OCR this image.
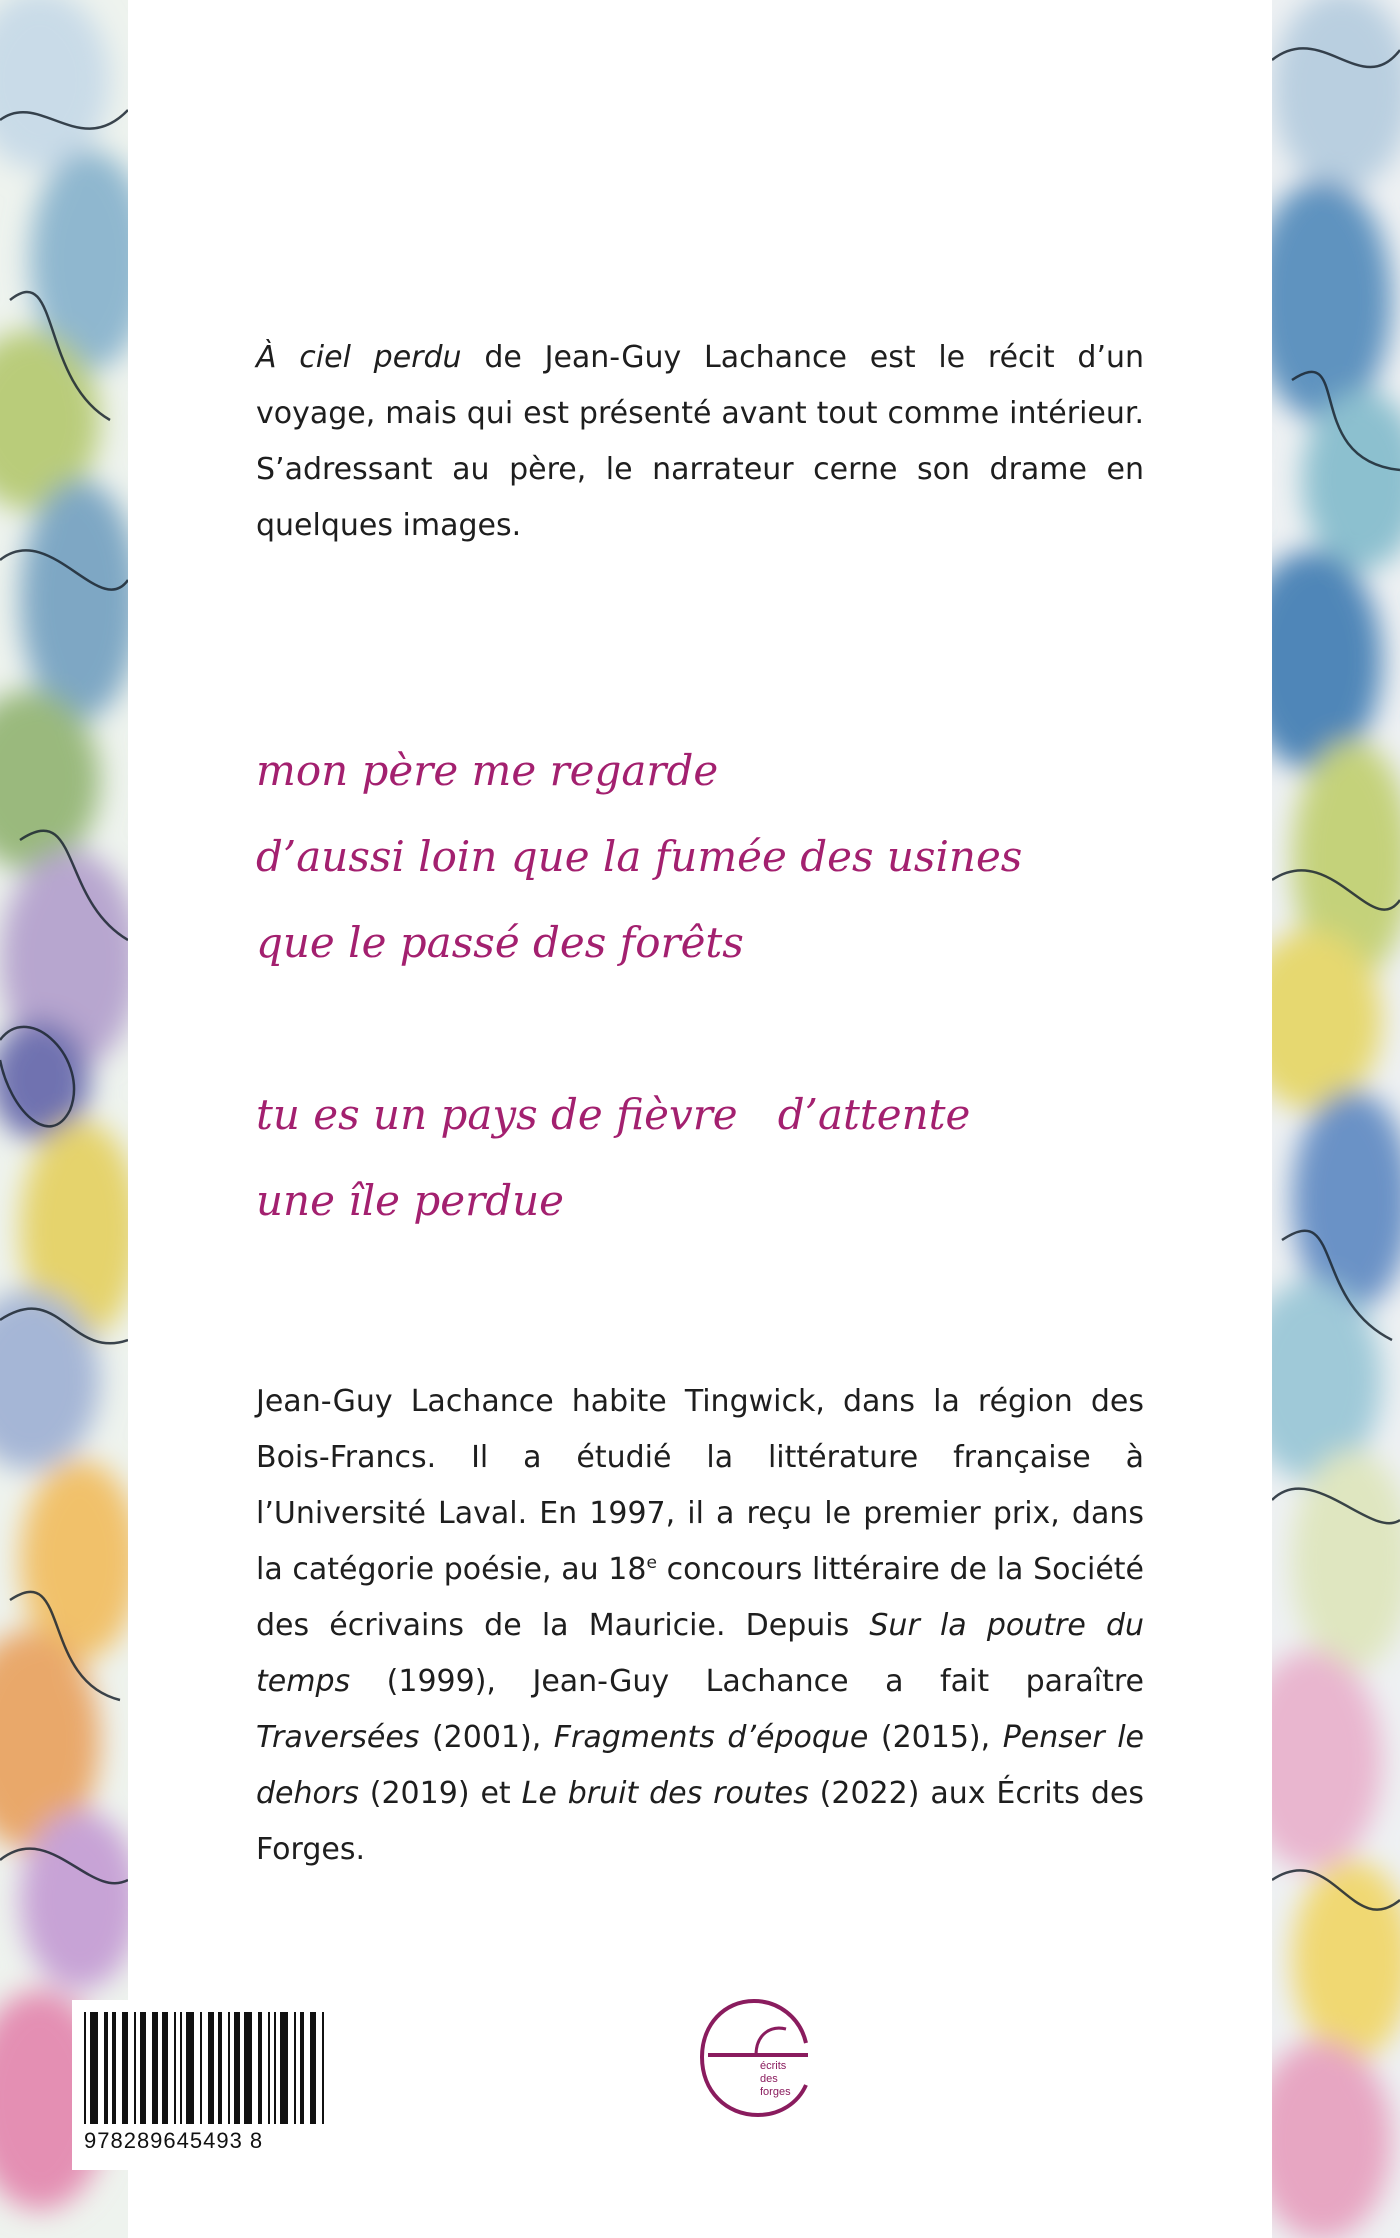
À ciel perdu de Jean-Guy Lachance est le récit d’un voyage, mais qui est présenté avant tout comme intérieur. S’adressant au père, le narrateur cerne son drame en quelques images.
mon père me regarde
d’aussi loin que la fumée des usines
que le passé des forêts
tu es un pays de fièvre   d’attente
une île perdue
Jean-Guy Lachance habite Tingwick, dans la région des Bois-Francs. Il a étudié la littérature française à l’Université Laval. En 1997, il a reçu le premier prix, dans la catégorie poésie, au 18e concours littéraire de la Société des écrivains de la Mauricie. Depuis Sur la poutre du temps (1999), Jean-Guy Lachance a fait paraître Traversées (2001), Fragments d’époque (2015), Penser le dehors (2019) et Le bruit des routes (2022) aux Écrits des Forges.
978289645493 8
écrits
des
forges
